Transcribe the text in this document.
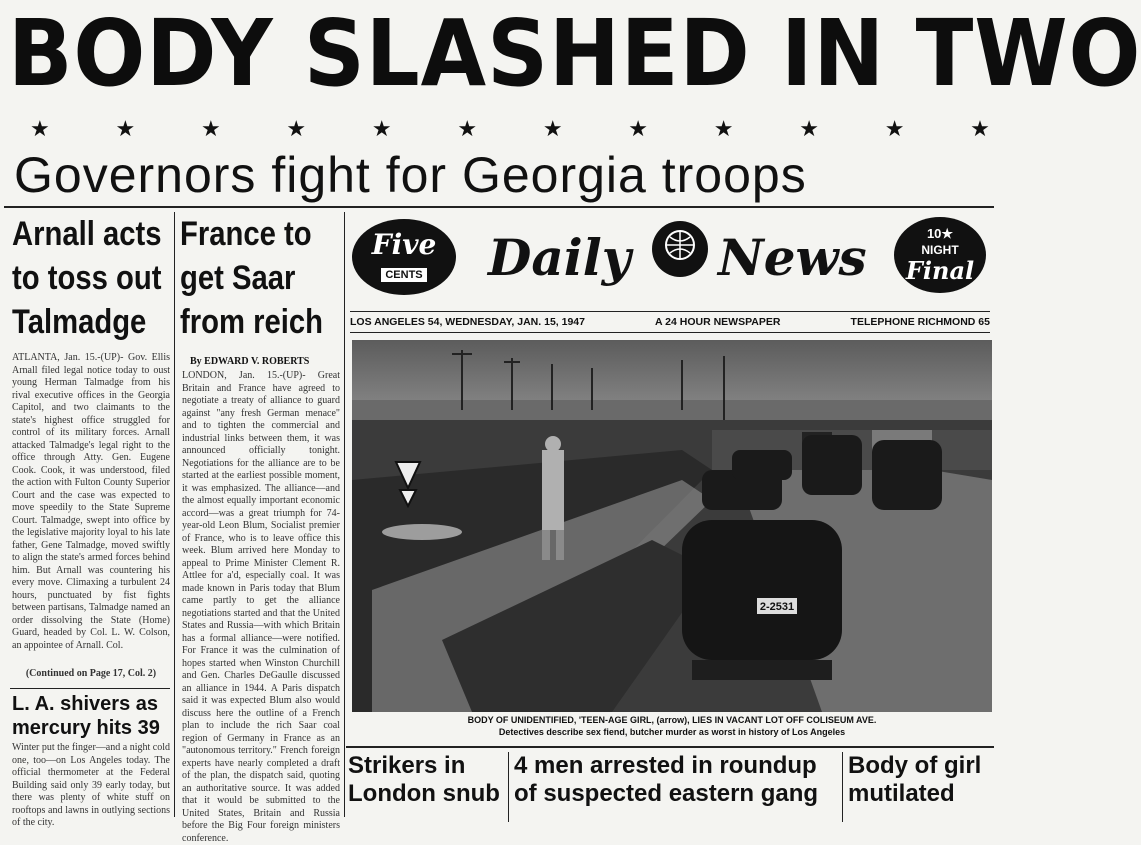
BODY SLASHED IN TWO
★	★	★	★	★	★	★	★	★	★	★	★
Governors fight for Georgia troops
Arnall acts
to toss out
Talmadge
ATLANTA, Jan. 15.-(UP)- Gov. Ellis Arnall filed legal notice today to oust young Herman Talmadge from his rival executive offices in the Georgia Capitol, and two claimants to the state's highest office struggled for control of its military forces. Arnall attacked Talmadge's legal right to the office through Atty. Gen. Eugene Cook. Cook, it was understood, filed the action with Fulton County Superior Court and the case was expected to move speedily to the State Supreme Court. Talmadge, swept into office by the legislative majority loyal to his late father, Gene Talmadge, moved swiftly to align the state's armed forces behind him. But Arnall was countering his every move. Climaxing a turbulent 24 hours, punctuated by fist fights between partisans, Talmadge named an order dissolving the State (Home) Guard, headed by Col. L. W. Colson, an appointee of Arnall. Col.
(Continued on Page 17, Col. 2)
L. A. shivers as mercury hits 39
Winter put the finger—and a night cold one, too—on Los Angeles today. The official thermometer at the Federal Building said only 39 early today, but there was plenty of white stuff on rooftops and lawns in outlying sections of the city.
France to
get Saar
from reich
By EDWARD V. ROBERTS
LONDON, Jan. 15.-(UP)- Great Britain and France have agreed to negotiate a treaty of alliance to guard against "any fresh German menace" and to tighten the commercial and industrial links between them, it was announced officially tonight. Negotiations for the alliance are to be started at the earliest possible moment, it was emphasized. The alliance—and the almost equally important economic accord—was a great triumph for 74-year-old Leon Blum, Socialist premier of France, who is to leave office this week. Blum arrived here Monday to appeal to Prime Minister Clement R. Attlee for a'd, especially coal. It was made known in Paris today that Blum came partly to get the alliance negotiations started and that the United States and Russia—with which Britain has a formal alliance—were notified. For France it was the culmination of hopes started when Winston Churchill and Gen. Charles DeGaulle discussed an alliance in 1944. A Paris dispatch said it was expected Blum also would discuss here the outline of a French plan to include the rich Saar coal region of Germany in France as an "autonomous territory." French foreign experts have nearly completed a draft of the plan, the dispatch said, quoting an authoritative source. It was added that it would be submitted to the United States, Britain and Russia before the Big Four foreign ministers conference.
Five
CENTS	Daily	News	10★
NIGHT
Final
LOS ANGELES 54, WEDNESDAY, JAN. 15, 1947	A 24 HOUR NEWSPAPER	TELEPHONE RICHMOND 65
2-2531
BODY OF UNIDENTIFIED, 'TEEN-AGE GIRL, (arrow), LIES IN VACANT LOT OFF COLISEUM AVE.
Detectives describe sex fiend, butcher murder as worst in history of Los Angeles
Strikers in
London snub
4 men arrested in roundup
of suspected eastern gang
Body of girl
mutilated
